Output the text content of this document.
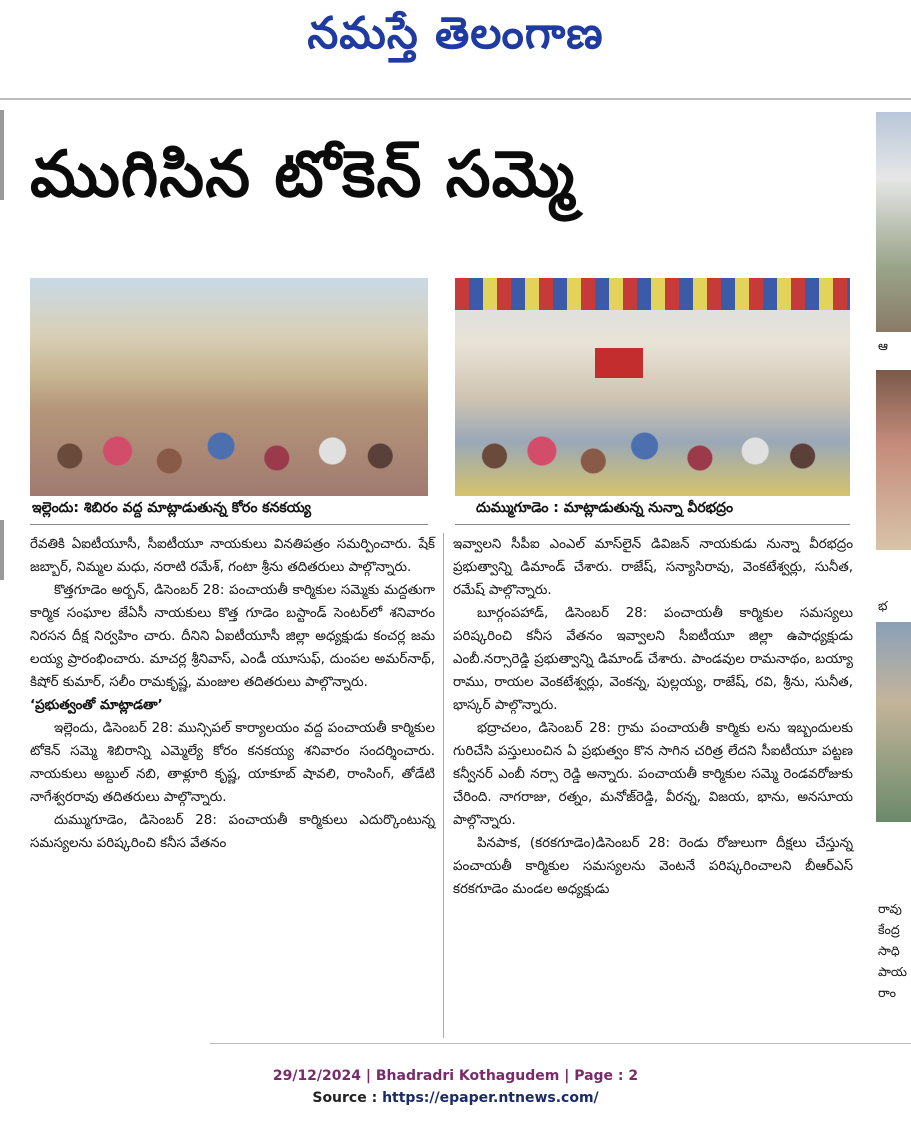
నమస్తే తెలంగాణ
ముగిసిన టోకెన్ సమ్మె
ఇల్లెందు: శిబిరం వద్ద మాట్లాడుతున్న కోరం కనకయ్య	దుమ్ముగూడెం : మాట్లాడుతున్న నున్నా వీరభద్రం

రేవతికి ఏఐటీయూసీ, సీఐటీయూ నాయకులు వినతిపత్రం సమర్పించారు. షేక్ జబ్బార్, నిమ్మల మధు, నరాటి రమేశ్, గంటా శ్రీను తదితరులు పాల్గొన్నారు.

కొత్తగూడెం అర్బన్, డిసెంబర్ 28: పంచాయతీ కార్మికుల సమ్మెకు మద్దతుగా కార్మిక సంఘాల జేఏసీ నాయకులు కొత్త గూడెం బస్టాండ్ సెంటర్‌లో శనివారం నిరసన దీక్ష నిర్వహిం చారు. దీనిని ఏఐటీయూసీ జిల్లా అధ్యక్షుడు కంచర్ల జమ లయ్య ప్రారంభించారు. మాచర్ల శ్రీనివాస్, ఎండీ యూసుఫ్, దుంపల అమర్‌నాథ్, కిషోర్ కుమార్, సలీం రామకృష్ణ, మంజుల తదితరులు పాల్గొన్నారు.

‘ప్రభుత్వంతో మాట్లాడతా’

ఇల్లెందు, డిసెంబర్ 28: మున్సిపల్ కార్యాలయం వద్ద పంచాయతీ కార్మికుల టోకెన్ సమ్మె శిబిరాన్ని ఎమ్మెల్యే కోరం కనకయ్య శనివారం సందర్శించారు. నాయకులు అబ్దుల్ నబి, తాళ్లూరి కృష్ణ, యాకూబ్ షావలి, రాంసింగ్, తోడేటి నాగేశ్వరరావు తదితరులు పాల్గొన్నారు.

దుమ్ముగూడెం, డిసెంబర్ 28: పంచాయతీ కార్మికులు ఎదుర్కొంటున్న సమస్యలను పరిష్కరించి కనీస వేతనం

ఇవ్వాలని సీపీఐ ఎంఎల్ మాస్‌లైన్ డివిజన్ నాయకుడు నున్నా వీరభద్రం ప్రభుత్వాన్ని డిమాండ్ చేశారు. రాజేష్, సన్యాసిరావు, వెంకటేశ్వర్లు, సునీత, రమేష్ పాల్గొన్నారు.

బూర్గంపహాడ్, డిసెంబర్ 28: పంచాయతీ కార్మికుల సమస్యలు పరిష్కరించి కనీస వేతనం ఇవ్వాలని సీఐటీయూ జిల్లా ఉపాధ్యక్షుడు ఎంబీ.నర్సారెడ్డి ప్రభుత్వాన్ని డిమాండ్ చేశారు. పాండవుల రామనాథం, బయ్యా రాము, రాయల వెంకటేశ్వర్లు, వెంకన్న, పుల్లయ్య, రాజేష్, రవి, శ్రీను, సునీత, భాస్కర్ పాల్గొన్నారు.

భద్రాచలం, డిసెంబర్ 28: గ్రామ పంచాయతీ కార్మికు లను ఇబ్బందులకు గురిచేసి పస్తులుంచిన ఏ ప్రభుత్వం కొన సాగిన చరిత్ర లేదని సీఐటీయూ పట్టణ కన్వీనర్ ఎంబీ నర్సా రెడ్డి అన్నారు. పంచాయతీ కార్మికుల సమ్మె రెండవరోజుకు చేరింది. నాగరాజు, రత్నం, మనోజ్‌రెడ్డి, వీరన్న, విజయ, భాను, అనసూయ పాల్గొన్నారు.

పినపాక, (కరకగూడెం)డిసెంబర్ 28: రెండు రోజులుగా దీక్షలు చేస్తున్న పంచాయతీ కార్మికుల సమస్యలను వెంటనే పరిష్కరించాలని బీఆర్ఎస్ కరకగూడెం మండల అధ్యక్షుడు

ఆ
భ
రావు
కేంద్ర
సాధి
పాయ
రాం
29/12/2024 | Bhadradri Kothagudem | Page : 2
Source : https://epaper.ntnews.com/
